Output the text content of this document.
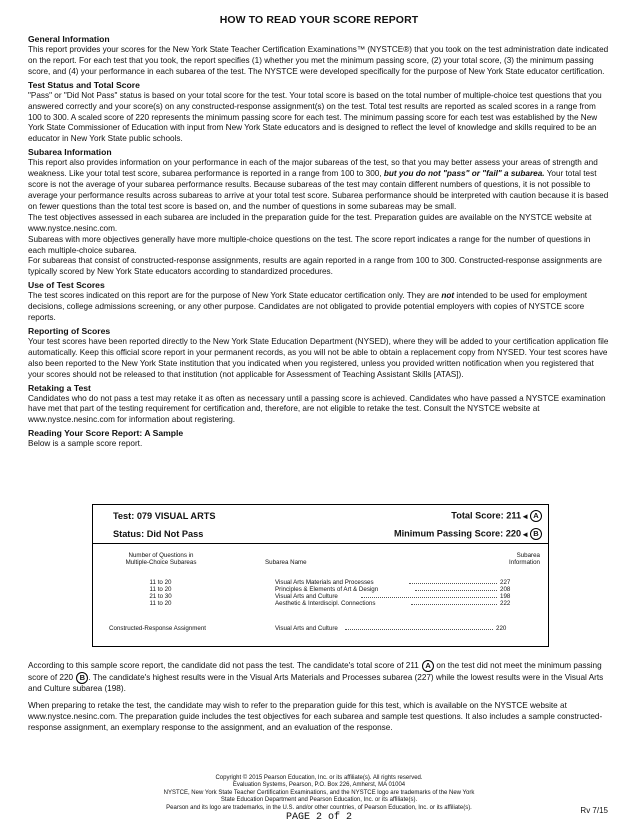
HOW TO READ YOUR SCORE REPORT
General Information

This report provides your scores for the New York State Teacher Certification Examinations™ (NYSTCE®) that you took on the test administration date indicated on the report. For each test that you took, the report specifies (1) whether you met the minimum passing score, (2) your total score, (3) the minimum passing score, and (4) your performance in each subarea of the test. The NYSTCE were developed specifically for the purpose of New York State educator certification.

Test Status and Total Score

"Pass" or "Did Not Pass" status is based on your total score for the test. Your total score is based on the total number of multiple-choice test questions that you answered correctly and your score(s) on any constructed-response assignment(s) on the test. Total test results are reported as scaled scores in a range from 100 to 300. A scaled score of 220 represents the minimum passing score for each test. The minimum passing score for each test was established by the New York State Commissioner of Education with input from New York State educators and is designed to reflect the level of knowledge and skills required to be an educator in New York State public schools.

Subarea Information

This report also provides information on your performance in each of the major subareas of the test, so that you may better assess your areas of strength and weakness. Like your total test score, subarea performance is reported in a range from 100 to 300, but you do not "pass" or "fail" a subarea. Your total test score is not the average of your subarea performance results. Because subareas of the test may contain different numbers of questions, it is not possible to average your performance results across subareas to arrive at your total test score. Subarea performance should be interpreted with caution because it is based on fewer questions than the total test score is based on, and the number of questions in some subareas may be small.

The test objectives assessed in each subarea are included in the preparation guide for the test. Preparation guides are available on the NYSTCE website at www.nystce.nesinc.com.

Subareas with more objectives generally have more multiple-choice questions on the test. The score report indicates a range for the number of questions in each multiple-choice subarea.

For subareas that consist of constructed-response assignments, results are again reported in a range from 100 to 300. Constructed-response assignments are typically scored by New York State educators according to standardized procedures.

Use of Test Scores

The test scores indicated on this report are for the purpose of New York State educator certification only. They are not intended to be used for employment decisions, college admissions screening, or any other purpose. Candidates are not obligated to provide potential employers with copies of NYSTCE score reports.

Reporting of Scores

Your test scores have been reported directly to the New York State Education Department (NYSED), where they will be added to your certification application file automatically. Keep this official score report in your permanent records, as you will not be able to obtain a replacement copy from NYSED. Your test scores have also been reported to the New York State institution that you indicated when you registered, unless you provided written notification when you registered that your scores should not be released to that institution (not applicable for Assessment of Teaching Assistant Skills [ATAS]).

Retaking a Test

Candidates who do not pass a test may retake it as often as necessary until a passing score is achieved. Candidates who have passed a NYSTCE examination have met that part of the testing requirement for certification and, therefore, are not eligible to retake the test. Consult the NYSTCE website at www.nystce.nesinc.com for information about registering.

Reading Your Score Report: A Sample

Below is a sample score report.

Test: 079 VISUAL ARTS	Total Score: 211◄ A
Status: Did Not Pass	Minimum Passing Score: 220◄ B
Number of Questions in
Multiple-Choice Subareas	Subarea Name
Subarea
Information
11 to 20	Visual Arts Materials and Processes	227
11 to 20	Principles & Elements of Art & Design	208
21 to 30	Visual Arts and Culture	198
11 to 20	Aesthetic & Interdiscipl. Connections	222
Constructed-Response Assignment	Visual Arts and Culture	220

According to this sample score report, the candidate did not pass the test. The candidate's total score of 211 A on the test did not meet the minimum passing score of 220 B . The candidate's highest results were in the Visual Arts Materials and Processes subarea (227) while the lowest results were in the Visual Arts and Culture subarea (198).

When preparing to retake the test, the candidate may wish to refer to the preparation guide for this test, which is available on the NYSTCE website at www.nystce.nesinc.com. The preparation guide includes the test objectives for each subarea and sample test questions. It also includes a sample constructed-response assignment, an exemplary response to the assignment, and an evaluation of the response.

Copyright © 2015 Pearson Education, Inc. or its affiliate(s). All rights reserved.
Evaluation Systems, Pearson, P.O. Box 226, Amherst, MA 01004
NYSTCE, New York State Teacher Certification Examinations, and the NYSTCE logo are trademarks of the New York
State Education Department and Pearson Education, Inc. or its affiliate(s).
Pearson and its logo are trademarks, in the U.S. and/or other countries, of Pearson Education, Inc. or its affiliate(s).	Rv 7/15
PAGE 2 of 2
